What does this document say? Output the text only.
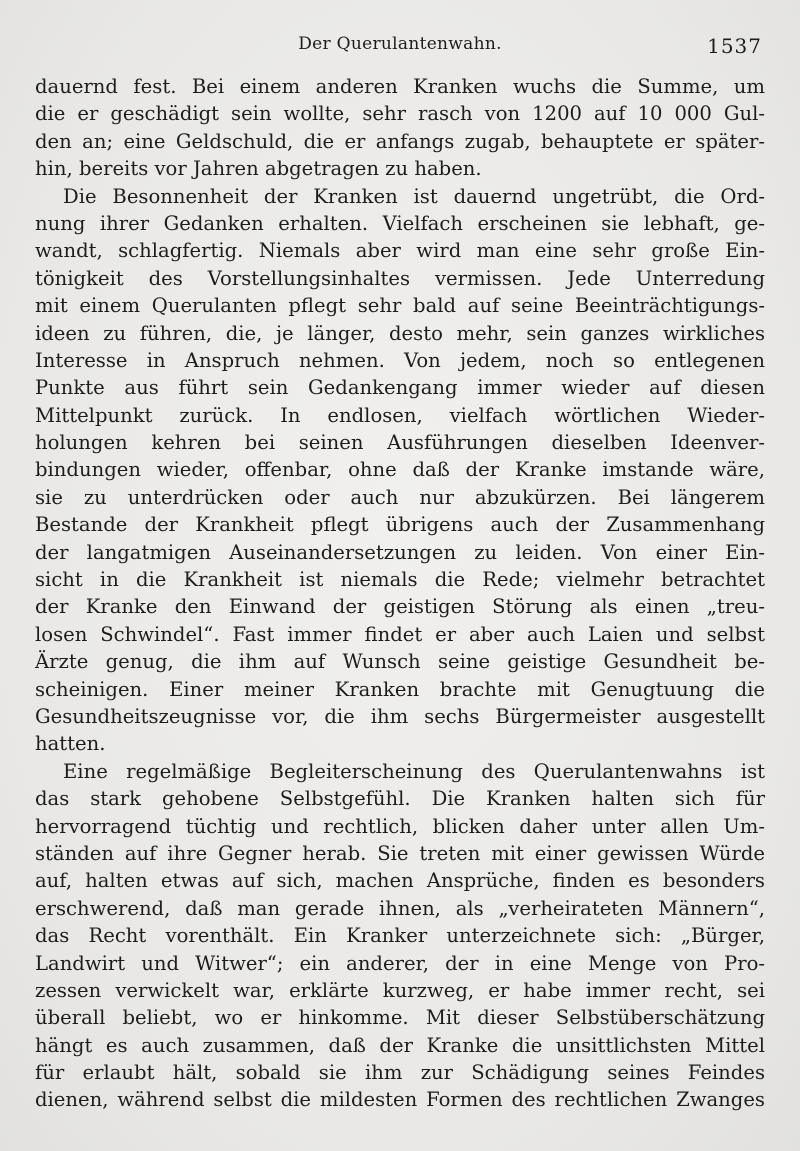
Der Querulantenwahn.	1537
dauernd fest. Bei einem anderen Kranken wuchs die Summe, um
die er geschädigt sein wollte, sehr rasch von 1200 auf 10 000 Gul-
den an; eine Geldschuld, die er anfangs zugab, behauptete er später-
hin, bereits vor Jahren abgetragen zu haben.
Die Besonnenheit der Kranken ist dauernd ungetrübt, die Ord-
nung ihrer Gedanken erhalten. Vielfach erscheinen sie lebhaft, ge-
wandt, schlagfertig. Niemals aber wird man eine sehr große Ein-
tönigkeit des Vorstellungsinhaltes vermissen. Jede Unterredung
mit einem Querulanten pflegt sehr bald auf seine Beeinträchtigungs-
ideen zu führen, die, je länger, desto mehr, sein ganzes wirkliches
Interesse in Anspruch nehmen. Von jedem, noch so entlegenen
Punkte aus führt sein Gedankengang immer wieder auf diesen
Mittelpunkt zurück. In endlosen, vielfach wörtlichen Wieder-
holungen kehren bei seinen Ausführungen dieselben Ideenver-
bindungen wieder, offenbar, ohne daß der Kranke imstande wäre,
sie zu unterdrücken oder auch nur abzukürzen. Bei längerem
Bestande der Krankheit pflegt übrigens auch der Zusammenhang
der langatmigen Auseinandersetzungen zu leiden. Von einer Ein-
sicht in die Krankheit ist niemals die Rede; vielmehr betrachtet
der Kranke den Einwand der geistigen Störung als einen „treu-
losen Schwindel“. Fast immer findet er aber auch Laien und selbst
Ärzte genug, die ihm auf Wunsch seine geistige Gesundheit be-
scheinigen. Einer meiner Kranken brachte mit Genugtuung die
Gesundheitszeugnisse vor, die ihm sechs Bürgermeister ausgestellt
hatten.
Eine regelmäßige Begleiterscheinung des Querulantenwahns ist
das stark gehobene Selbstgefühl. Die Kranken halten sich für
hervorragend tüchtig und rechtlich, blicken daher unter allen Um-
ständen auf ihre Gegner herab. Sie treten mit einer gewissen Würde
auf, halten etwas auf sich, machen Ansprüche, finden es besonders
erschwerend, daß man gerade ihnen, als „verheirateten Männern“,
das Recht vorenthält. Ein Kranker unterzeichnete sich: „Bürger,
Landwirt und Witwer“; ein anderer, der in eine Menge von Pro-
zessen verwickelt war, erklärte kurzweg, er habe immer recht, sei
überall beliebt, wo er hinkomme. Mit dieser Selbstüberschätzung
hängt es auch zusammen, daß der Kranke die unsittlichsten Mittel
für erlaubt hält, sobald sie ihm zur Schädigung seines Feindes
dienen, während selbst die mildesten Formen des rechtlichen Zwanges
